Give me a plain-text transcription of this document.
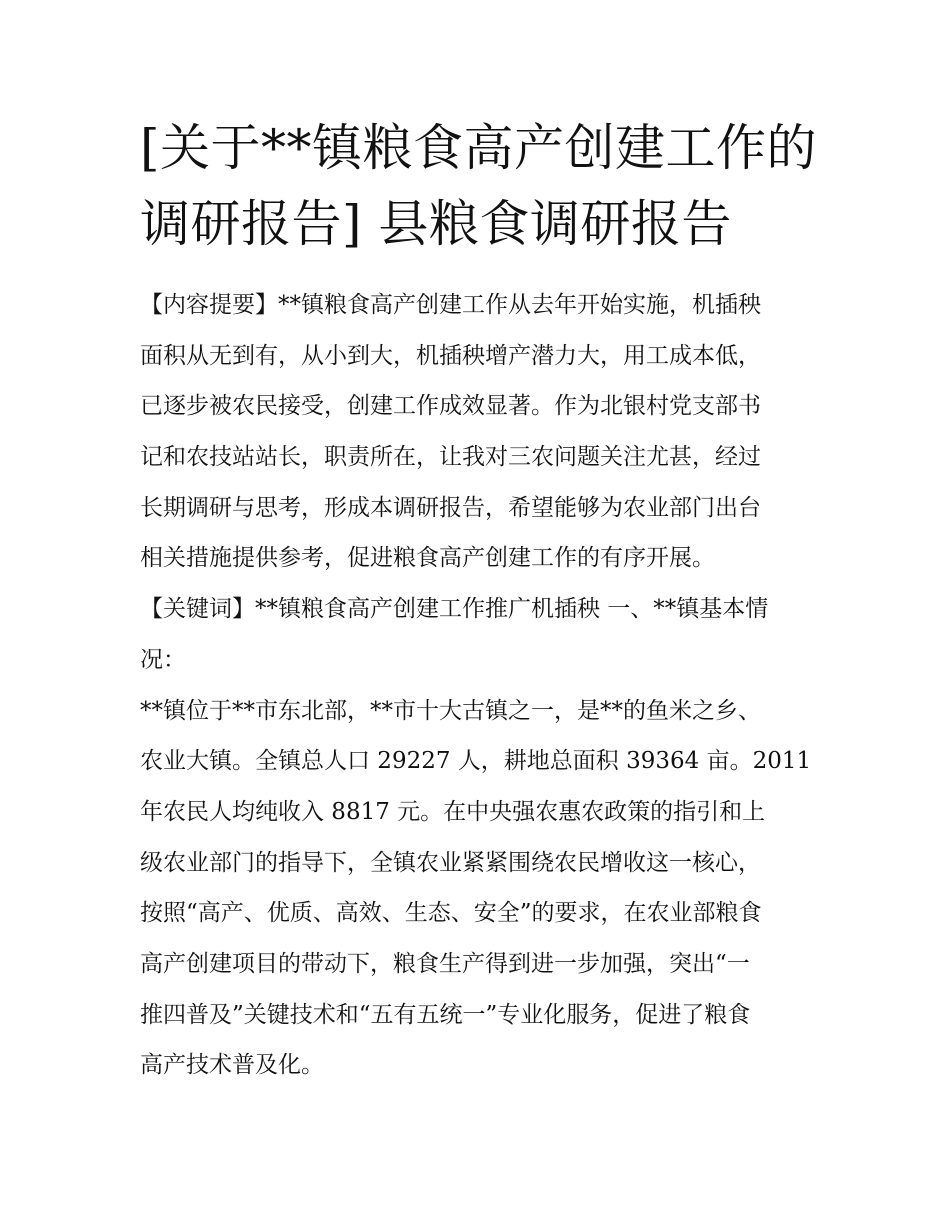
[关于**镇粮食高产创建工作的
调研报告] 县粮食调研报告
【内容提要】**镇粮食高产创建工作从去年开始实施，机插秧
面积从无到有，从小到大，机插秧增产潜力大，用工成本低，
已逐步被农民接受，创建工作成效显著。作为北银村党支部书
记和农技站站长，职责所在，让我对三农问题关注尤甚，经过
长期调研与思考，形成本调研报告，希望能够为农业部门出台
相关措施提供参考，促进粮食高产创建工作的有序开展。
【关键词】**镇粮食高产创建工作推广机插秧 一、**镇基本情
况：
**镇位于**市东北部，**市十大古镇之一，是**的鱼米之乡、
农业大镇。全镇总人口 29227 人，耕地总面积 39364 亩。2011
年农民人均纯收入 8817 元。在中央强农惠农政策的指引和上
级农业部门的指导下，全镇农业紧紧围绕农民增收这一核心，
按照“高产、优质、高效、生态、安全”的要求，在农业部粮食
高产创建项目的带动下，粮食生产得到进一步加强，突出“一
推四普及”关键技术和“五有五统一”专业化服务，促进了粮食
高产技术普及化。
